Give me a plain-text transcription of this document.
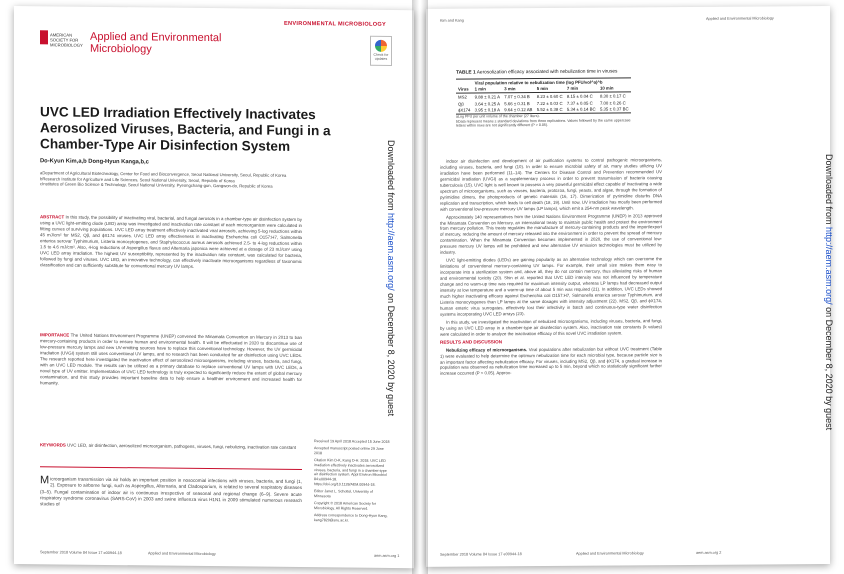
AMERICAN SOCIETY FOR MICROBIOLOGY
Applied and Environmental
Microbiology
ENVIRONMENTAL MICROBIOLOGY
Check for updates
UVC LED Irradiation Effectively Inactivates Aerosolized Viruses, Bacteria, and Fungi in a Chamber-Type Air Disinfection System
Do-Kyun Kim,a,b Dong-Hyun Kanga,b,c
aDepartment of Agricultural Biotechnology, Center for Food and Bioconvergence, Seoul National University, Seoul, Republic of Korea
bResearch Institute for Agriculture and Life Sciences, Seoul National University, Seoul, Republic of Korea
cInstitutes of Green Bio Science & Technology, Seoul National University, Pyeongchang-gun, Gangwon-do, Republic of Korea
ABSTRACT In this study, the possibility of inactivating viral, bacterial, and fungal aerosols in a chamber-type air disinfection system by using a UVC light-emitting diode (LED) array was investigated and inactivation rate constant of each microorganism were calculated in fitting curves of surviving populations. UVC LED array treatment effectively inactivated viral aerosols, achieving 5-log reductions within 45 mJ/cm² for MS2, Qβ, and ϕX174 viruses. UVC LED array effectiveness in inactivating Escherichia coli O157:H7, Salmonella enterica serovar Typhimurium, Listeria monocytogenes, and Staphylococcus aureus aerosols achieved 2.5- to 4-log reductions within 1.5 to 4.6 mJ/cm². Also, 4-log reductions of Aspergillus flavus and Alternaria japonica were achieved at a dosage of 23 mJ/cm² using UVC LED array irradiation. The highest UV susceptibility, represented by the inactivation rate constant, was calculated for bacteria, followed by fungi and viruses. UVC LED, an innovative technology, can effectively inactivate microorganisms regardless of taxonomic classification and can sufficiently substitute for conventional mercury UV lamps.
IMPORTANCE The United Nations Environment Programme (UNEP) convened the Minamata Convention on Mercury in 2013 to ban mercury-containing products in order to ensure human and environmental health. It will be effectuated in 2020 to discontinue use of low-pressure mercury lamps and new UV-emitting sources have to replace this conventional technology. However, the UV germicidal irradiation (UVGI) system still uses conventional UV lamps, and no research has been conducted for air disinfection using UVC LEDs. The research reported here investigated the inactivation effect of aerosolized microorganisms, including viruses, bacteria, and fungi, with an UVC LED module. The results can be utilized as a primary database to replace conventional UV lamps with UVC LEDs, a novel type of UV emitter. Implementation of UVC LED technology is truly expected to significantly reduce the extent of global mercury contamination, and this study provides important baseline data to help ensure a healthier environment and increased health for humanity.
KEYWORDS UVC LED, air disinfection, aerosolized microorganism, pathogens, viruses, fungi, nebulizing, inactivation rate constant
M icroorganism transmission via air holds an important position in nosocomial infections with viruses, bacteria, and fungi (1, 2). Exposure to airborne fungi, such as Aspergillus, Alternaria, and Cladosporium, is related to several respiratory diseases (3–5). Fungal contamination of indoor air is continuous irrespective of seasonal and regional change (6–9). Severe acute respiratory syndrome coronavirus (SARS-CoV) in 2003 and swine influenza virus H1N1 in 2009 stimulated numerous research studies of
Received 19 April 2018 Accepted 15 June 2018
Accepted manuscript posted online 29 June 2018
Citation Kim D-K, Kang D-H. 2018. UVC LED irradiation effectively inactivates aerosolized viruses, bacteria, and fungi in a chamber-type air disinfection system. Appl Environ Microbiol 84:e00944-18. https://doi.org/10.1128/AEM.00944-18.
Editor Janet L. Schottel, University of Minnesota
Copyright © 2018 American Society for Microbiology. All Rights Reserved.
Address correspondence to Dong-Hyun Kang, kang7820@snu.ac.kr.
September 2018 Volume 84 Issue 17 e00944-18	Applied and Environmental Microbiology	aem.asm.org 1
Kim and Kang	Applied and Environmental Microbiology
TABLE 1 Aerosolization efficacy associated with nebulization time in viruses
	Viral population relative to nebulization time (log PFU/vol^a)^b				
Virus	1 min	3 min	5 min	7 min	10 min
MS2	9.88 ± 0.21 A	7.07 ± 0.34 B	8.23 ± 0.60 C	8.15 ± 0.04 C	8.30 ± 0.17 C
Qβ	3.64 ± 0.25 A	5.66 ± 0.31 B	7.22 ± 0.03 C	7.37 ± 0.05 C	7.00 ± 0.26 C
ϕX174	3.95 ± 0.18 A	9.64 ± 0.12 AB	5.52 ± 0.38 C	5.34 ± 0.14 BC	5.35 ± 0.37 BC
aLog PFU per unit volume of the chamber (27 liters).
bData represent means ± standard deviations from three replications. Values followed by the same uppercase letters within rows are not significantly different (P > 0.05).

indoor air disinfection and development of air purification systems to control pathogenic microorganisms, including viruses, bacteria, and fungi (10). In order to ensure microbial safety of air, many studies utilizing UV irradiation have been performed (11–14). The Centers for Disease Control and Prevention recommended UV germicidal irradiation (UVGI) as a supplementary process in order to prevent transmission of bacteria causing tuberculosis (15). UVC light is well known to possess a very powerful germicidal effect capable of inactivating a wide spectrum of microorganisms, such as viruses, bacteria, protozoa, fungi, yeasts, and algae, through the formation of pyrimidine dimers, the photoproducts of genetic materials (16, 17). Dimerization of pyrimidine disturbs DNA replication and transcription, which leads to cell death (18, 19). Until now, UV irradiation has mostly been performed with conventional low-pressure mercury UV lamps (LP lamps), which emit a 254-nm peak wavelength.

Approximately 140 representatives from the United Nations Environment Programme (UNEP) in 2013 approved the Minamata Convention on Mercury, an international treaty to maintain public health and protect the environment from mercury pollution. This treaty regulates the manufacture of mercury-containing products and the import/export of mercury, reducing the amount of mercury released into the environment in order to prevent the spread of mercury contamination. When the Minamata Convention becomes implemented in 2020, the use of conventional low-pressure mercury UV lamps will be prohibited and new alternative UV emission technologies must be utilized by industry.

UVC light-emitting diodes (LEDs) are gaining popularity as an alternative technology which can overcome the limitations of conventional mercury-containing UV lamps. For example, their small size makes them easy to incorporate into a sterilization system and, above all, they do not contain mercury, thus alleviating risks of human and environmental toxicity (20). Shin et al. reported that UVC LED intensity was not influenced by temperature change and no warm-up time was required for maximum intensity output, whereas LP lamps had decreased output intensity at low temperature and a warm-up time of about 5 min was required (21). In addition, UVC LEDs showed much higher inactivating efficacy against Escherichia coli O157:H7, Salmonella enterica serovar Typhimurium, and Listeria monocytogenes than LP lamps at the same dosages with intensity adjustment (22). MS2, Qβ, and ϕX174, human enteric virus surrogates, effectively lost their infectivity in batch and continuous-type water disinfection systems incorporating UVC LED arrays (23).

In this study, we investigated the inactivation of nebulized microorganisms, including viruses, bacteria, and fungi, by using an UVC LED array in a chamber-type air disinfection system. Also, inactivation rate constants (k values) were calculated in order to analyze the inactivation efficacy of this novel UVC irradiation system.

RESULTS AND DISCUSSION

Nebulizing efficacy of microorganisms. Viral populations after nebulization but without UVC treatment (Table 1) were evaluated to help determine the optimum nebulization time for each microbial type, because particle size is an important factor affecting nebulization efficacy. For viruses, including MS2, Qβ, and ϕX174, a gradual increase in population was observed as nebulization time increased up to 5 min, beyond which no statistically significant further increase occurred (P > 0.05). Approx-

September 2018 Volume 84 Issue 17 e00944-18	Applied and Environmental Microbiology	aem.asm.org 2
Downloaded from http://aem.asm.org/ on December 8, 2020 by guest
Downloaded from http://aem.asm.org/ on December 8, 2020 by guest
